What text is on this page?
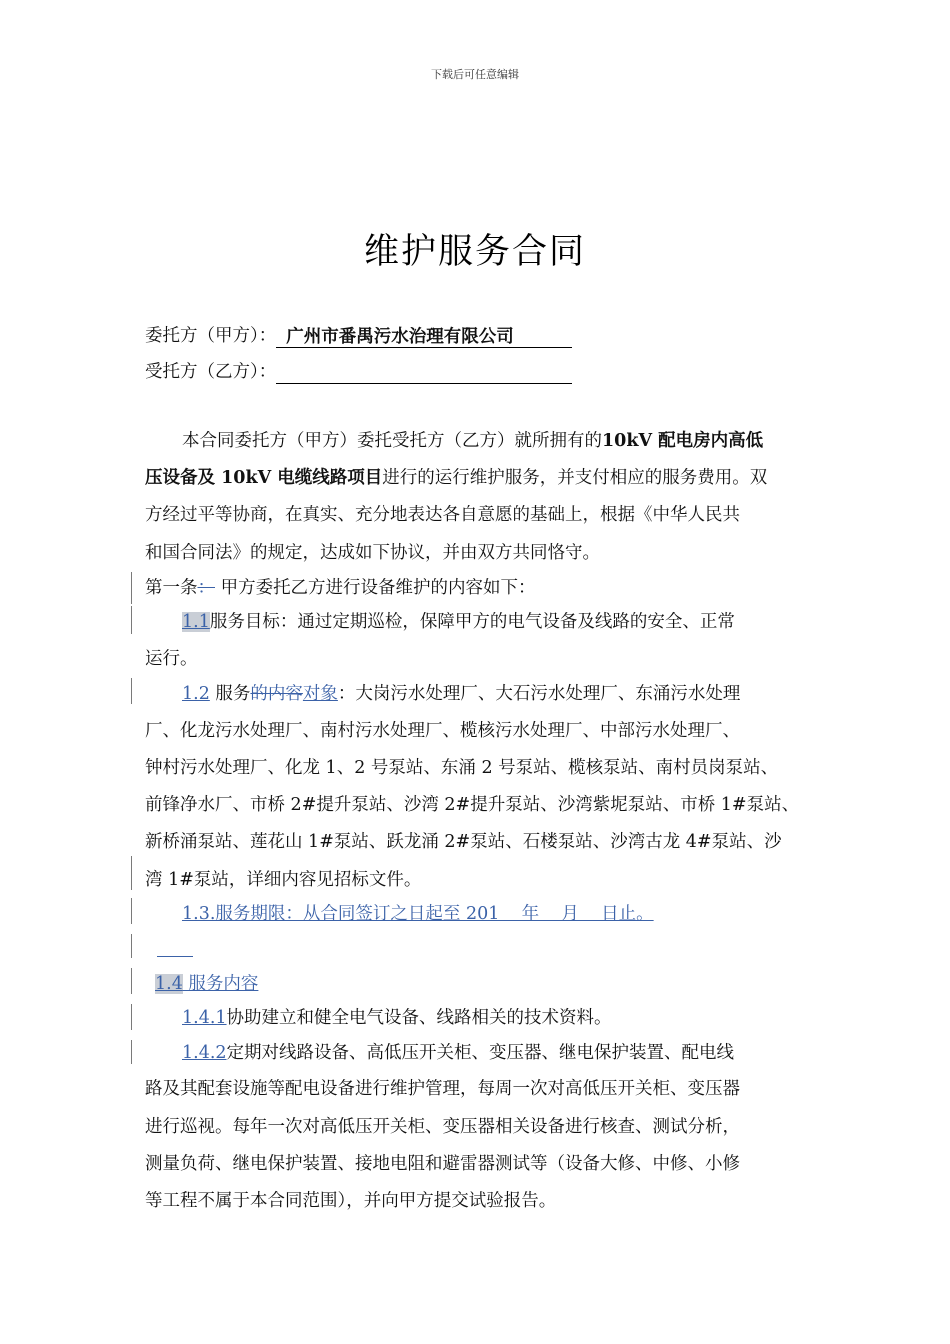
下载后可任意编辑
维护服务合同
委托方（甲方）： 广州市番禺污水治理有限公司
受托方（乙方）：
本合同委托方（甲方）委托受托方（乙方）就所拥有的10kV 配电房内高低
压设备及 10kV 电缆线路项目进行的运行维护服务，并支付相应的服务费用。双
方经过平等协商，在真实、充分地表达各自意愿的基础上，根据《中华人民共
和国合同法》的规定，达成如下协议，并由双方共同恪守。
第一条： 甲方委托乙方进行设备维护的内容如下：
1.1服务目标：通过定期巡检，保障甲方的电气设备及线路的安全、正常
运行。
1.2 服务的内容对象：大岗污水处理厂、大石污水处理厂、东涌污水处理
厂、化龙污水处理厂、南村污水处理厂、榄核污水处理厂、中部污水处理厂、
钟村污水处理厂、化龙 1、2 号泵站、东涌 2 号泵站、榄核泵站、南村员岗泵站、
前锋净水厂、市桥 2#提升泵站、沙湾 2#提升泵站、沙湾紫坭泵站、市桥 1#泵站、
新桥涌泵站、莲花山 1#泵站、跃龙涌 2#泵站、石楼泵站、沙湾古龙 4#泵站、沙
湾 1#泵站，详细内容见招标文件。
1.3.服务期限：从合同签订之日起至 201    年    月    日止。
1.4 服务内容
1.4.1协助建立和健全电气设备、线路相关的技术资料。
1.4.2定期对线路设备、高低压开关柜、变压器、继电保护装置、配电线
路及其配套设施等配电设备进行维护管理，每周一次对高低压开关柜、变压器
进行巡视。每年一次对高低压开关柜、变压器相关设备进行核查、测试分析，
测量负荷、继电保护装置、接地电阻和避雷器测试等（设备大修、中修、小修
等工程不属于本合同范围），并向甲方提交试验报告。
